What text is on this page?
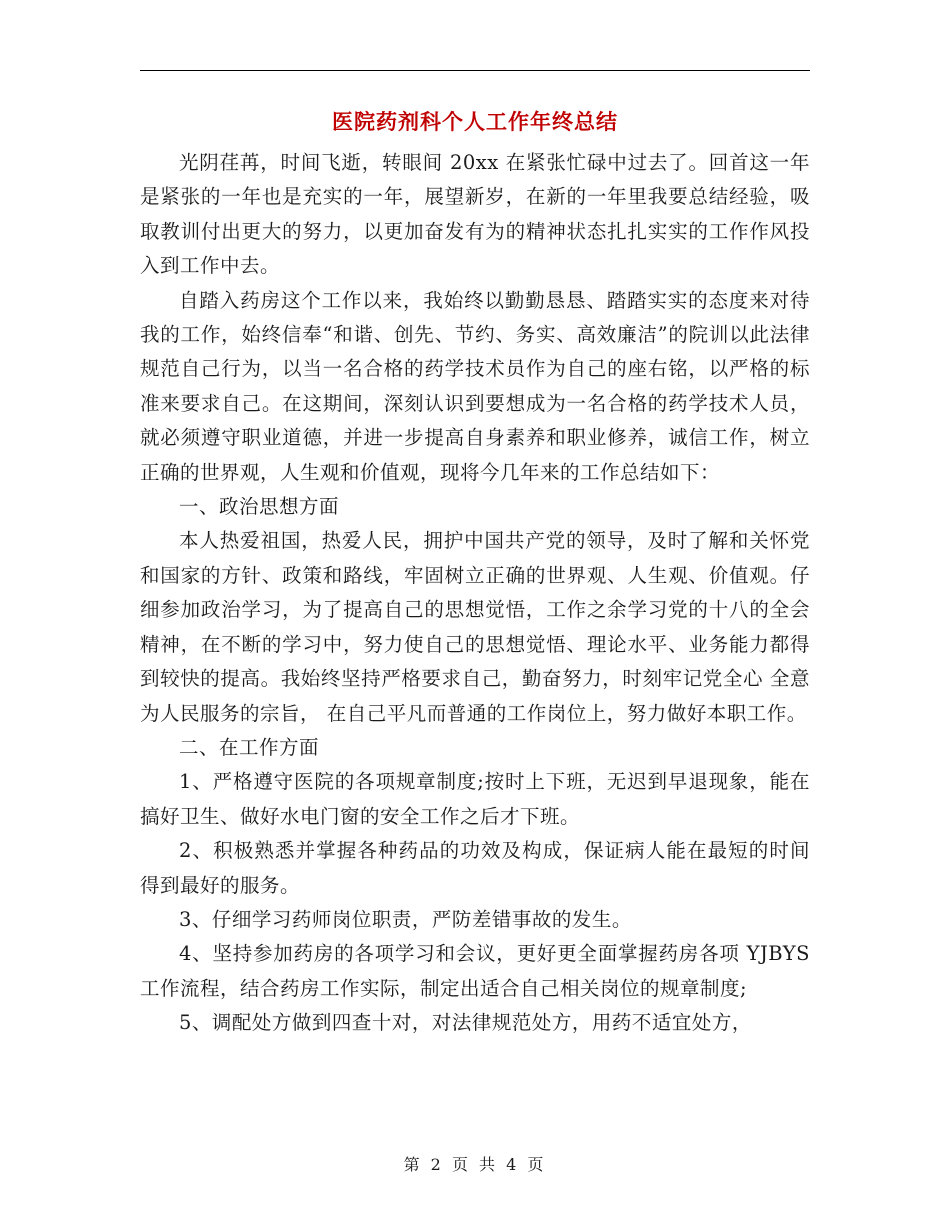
医院药剂科个人工作年终总结

光阴荏苒，时间飞逝，转眼间 20xx 在紧张忙碌中过去了。回首这一年是紧张的一年也是充实的一年，展望新岁，在新的一年里我要总结经验，吸取教训付出更大的努力，以更加奋发有为的精神状态扎扎实实的工作作风投入到工作中去。

自踏入药房这个工作以来，我始终以勤勤恳恳、踏踏实实的态度来对待我的工作，始终信奉“和谐、创先、节约、务实、高效廉洁”的院训以此法律规范自己行为，以当一名合格的药学技术员作为自己的座右铭，以严格的标准来要求自己。在这期间，深刻认识到要想成为一名合格的药学技术人员，就必须遵守职业道德，并进一步提高自身素养和职业修养，诚信工作，树立正确的世界观，人生观和价值观，现将今几年来的工作总结如下：

一、政治思想方面

本人热爱祖国，热爱人民，拥护中国共产党的领导，及时了解和关怀党和国家的方针、政策和路线，牢固树立正确的世界观、人生观、价值观。仔细参加政治学习，为了提高自己的思想觉悟，工作之余学习党的十八的全会精神，在不断的学习中，努力使自己的思想觉悟、理论水平、业务能力都得到较快的提高。我始终坚持严格要求自己，勤奋努力，时刻牢记党全心 全意为人民服务的宗旨， 在自己平凡而普通的工作岗位上，努力做好本职工作。

二、在工作方面

1、严格遵守医院的各项规章制度;按时上下班，无迟到早退现象，能在搞好卫生、做好水电门窗的安全工作之后才下班。

2、积极熟悉并掌握各种药品的功效及构成，保证病人能在最短的时间得到最好的服务。

3、仔细学习药师岗位职责，严防差错事故的发生。

4、坚持参加药房的各项学习和会议，更好更全面掌握药房各项 YJBYS 工作流程，结合药房工作实际，制定出适合自己相关岗位的规章制度;

5、调配处方做到四查十对，对法律规范处方，用药不适宜处方，

第 2 页 共 4 页
